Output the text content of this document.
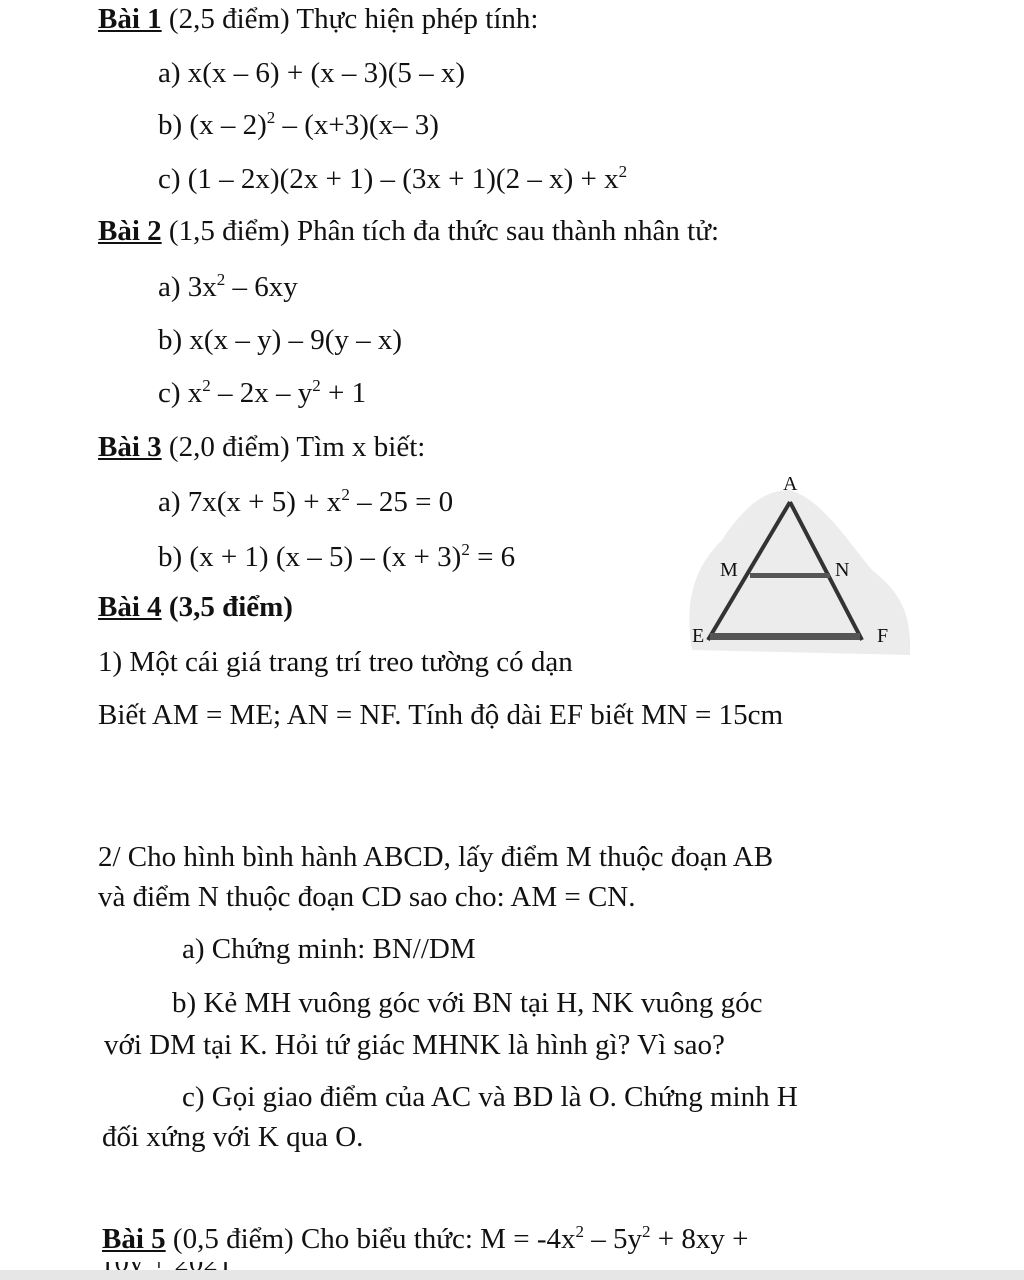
Bài 1 (2,5 điểm) Thực hiện phép tính:
a) x(x – 6) + (x – 3)(5 – x)
b) (x – 2)$^2$ – (x+3)(x– 3)
c) $(1 - 2x)(2x + 1) - (3x + 1)(2 - x) + x^2$
Bài 2 (1,5 điểm) Phân tích đa thức sau thành nhân tử:
a) $3x^2 - 6xy$
b) x(x – y) – 9(y – x)
c) $x^2 - 2x - y^2 + 1$
Bài 3 (2,0 điểm) Tìm x biết:
a) $7x(x + 5) + x^2 - 25 = 0$
b) (x + 1) $(x - 5) - (x + 3)^2 = 6$
A
M	N
E	F
Bài 4 (3,5 điểm)
1) Một cái giá trang trí treo tường có dạn
Biết AM = ME; AN = NF. Tính độ dài EF biết MN = 15cm
2/ Cho hình bình hành ABCD, lấy điểm M thuộc đoạn AB
và điểm N thuộc đoạn CD sao cho: AM = CN.
a) Chứng minh: BN//DM
b) Kẻ MH vuông góc với BN tại H, NK vuông góc
với DM tại K. Hỏi tứ giác MHNK là hình gì? Vì sao?
c) Gọi giao điểm của AC và BD là O. Chứng minh H
đối xứng với K qua O.
Bài 5 (0,5 điểm) Cho biểu thức: $M = -4x^2 - 5y^2 + 8xy$ +
